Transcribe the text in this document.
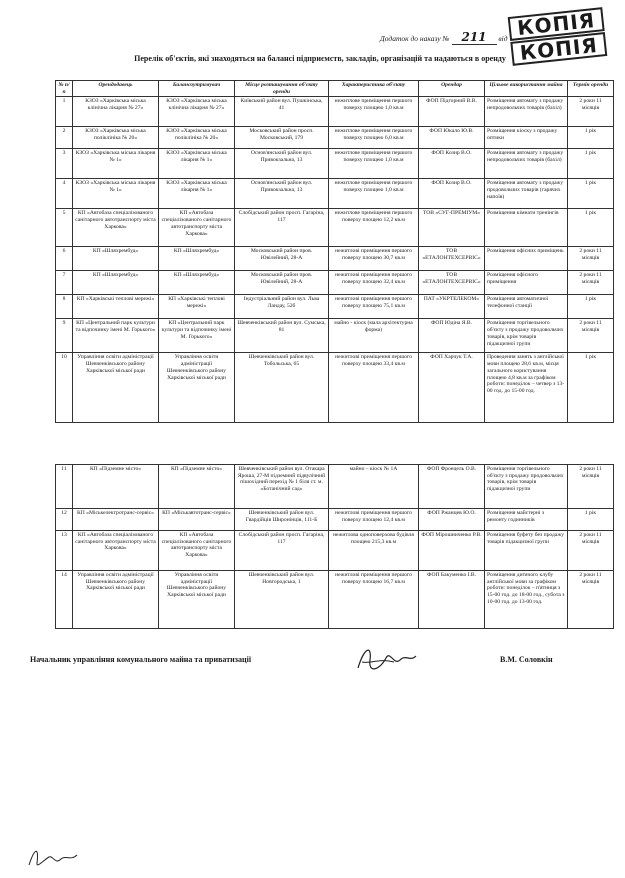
Додаток до наказу № 211 від КОПІЯ
КОПІЯ
Перелік об'єктів, які знаходяться на балансі підприємств, закладів, організацій та надаються в оренду
№ п/п	Орендодавець	Балансоутримувач	Місце розташування об'єкту оренди	Характеристика об'єкту	Орендар	Цільове використання майна	Термін оренди
1	КЗОЗ «Харківська міська клінічна лікарня № 27»	КЗОЗ «Харківська міська клінічна лікарня № 27»	Київський район вул. Пушкінська, 41	нежитлове приміщення першого поверху площею 1,0 кв.м	ФОП Підгорний В.В.	Розміщення автомату з продажу непродовольчих товарів (бахіл)	2 роки 11 місяців
2	КЗОЗ «Харківська міська поліклініка № 20»	КЗОЗ «Харківська міська поліклініка № 20»	Московський район просп. Московський, 179	нежитлове приміщення першого поверху площею 6,0 кв.м	ФОП Юкало Ю.В.	Розміщення кіоску з продажу оптики	1 рік
3	КЗОЗ «Харківська міська лікарня № 1»	КЗОЗ «Харківська міська лікарня № 1»	Основ'янський район вул. Привокзальна, 13	нежитлове приміщення першого поверху площею 1,0 кв.м	ФОП Козир В.О.	Розміщення автомату з продажу непродовольчих товарів (бахіл)	1 рік
4	КЗОЗ «Харківська міська лікарня № 1»	КЗОЗ «Харківська міська лікарня № 1»	Основ'янський район вул. Привокзальна, 13	нежитлове приміщення першого поверху площею 1,0 кв.м	ФОП Козир В.О.	Розміщення автомату з продажу продовольчих товарів (гарячих напоїв)	1 рік
5	КП «Автобаза спеціалізованого санітарного автотранспорту міста Харкова»	КП «Автобаза спеціалізованого санітарного автотранспорту міста Харкова»	Слобідський район просп. Гагаріна, 117	нежитлове приміщення першого поверху площею 12,2 кв.м	ТОВ «СУГ-ПРЕМІУМ»	Розміщення кімнати тренінгів	1 рік
6	КП «Шляхрембуд»	КП «Шляхрембуд»	Московський район пров. Ювілейний, 28-А	нежитлові приміщення першого поверху площею 30,7 кв.м	ТОВ «ЕТАЛОНТЕХСЕРВІС»	Розміщення офісних приміщень	2 роки 11 місяців
7	КП «Шляхрембуд»	КП «Шляхрембуд»	Московський район пров. Ювілейний, 28-А	нежитлові приміщення першого поверху площею 32,4 кв.м	ТОВ «ЕТАЛОНТЕХСЕРВІС»	Розміщення офісного приміщення	2 роки 11 місяців
8	КП «Харківські теплові мережі»	КП «Харківські теплові мережі»	Індустріальний район вул. Льва Ландау, 52б	нежитлові приміщення першого поверху площею 75,1 кв.м	ПАТ «УКРТЕЛЕКОМ»	Розміщення автоматичної телефонної станції	1 рік
9	КП «Центральний парк культури та відпочинку імені М. Горького»	КП «Центральний парк культури та відпочинку імені М. Горького»	Шевченківський район вул. Сумська, 81	майно - кіоск (мала архітектурна форма)	ФОП Юдіна Я.В.	Розміщення торгівельного об'єкту з продажу продовольчих товарів, крім товарів підакцизної групи	2 роки 11 місяців
10	Управління освіти адміністрації Шевченківського району Харківської міської ради	Управління освіти адміністрації Шевченківського району Харківської міської ради	Шевченківський район вул. Тобольська, 65	нежитлові приміщення першого поверху площею 33,4 кв.м	ФОП Харчук Т.А.	Проведення занять з англійської мови площею 28,6 кв.м, місця загального користування площею 4,8 кв.м за графіком роботи: понеділок – четвер з 13-00 год. до 15-00 год.	1 рік
11	КП «Підземне місто»	КП «Підземне місто»	Шевченківський район вул. Отакара Яроша, 27-М підземний підвулічний пішохідний перехід № 1 біля ст. м. «Ботанічний сад»	майно – кіоск № 1А	ФОП Фроецель О.В.	Розміщення торгівельного об'єкту з продажу продовольчих товарів, крім товарів підакцизної групи	2 роки 11 місяців
12	КП «Міськелектротранс-сервіс»	КП «Міськавтотранс-сервіс»	Шевченківський район вул. Гвардійців Широнінців, 111-Б	нежитлові приміщення першого поверху площею 12,4 кв.м	ФОП Ржанцев Ю.О.	Розміщення майстерні з ремонту годинників	1 рік
13	КП «Автобаза спеціалізованого санітарного автотранспорту міста Харкова»	КП «Автобаза спеціалізованого санітарного автотранспорту міста Харкова»	Слобідський район просп. Гагаріна, 117	нежитлова одноповерхова будівля площею 215,3 кв.м	ФОП Мірошниченко Р.В.	Розміщення буфету без продажу товарів підакцизної групи	2 роки 11 місяців
14	Управління освіти адміністрації Шевченківського району Харківської міської ради	Управління освіти адміністрації Шевченківського району Харківської міської ради	Шевченківський район вул. Новгородська, 1	нежитлові приміщення першого поверху площею 16,7 кв.м	ФОП Бакуменко І.В.	Розміщення дитячого клубу англійської мови за графіком роботи: понеділок – п'ятниця з 15-00 год. до 18-00 год., субота з 10-00 год. до 13-00 год.	2 роки 11 місяців
Начальник управління комунального майна та приватизації	В.М. Соловкін
